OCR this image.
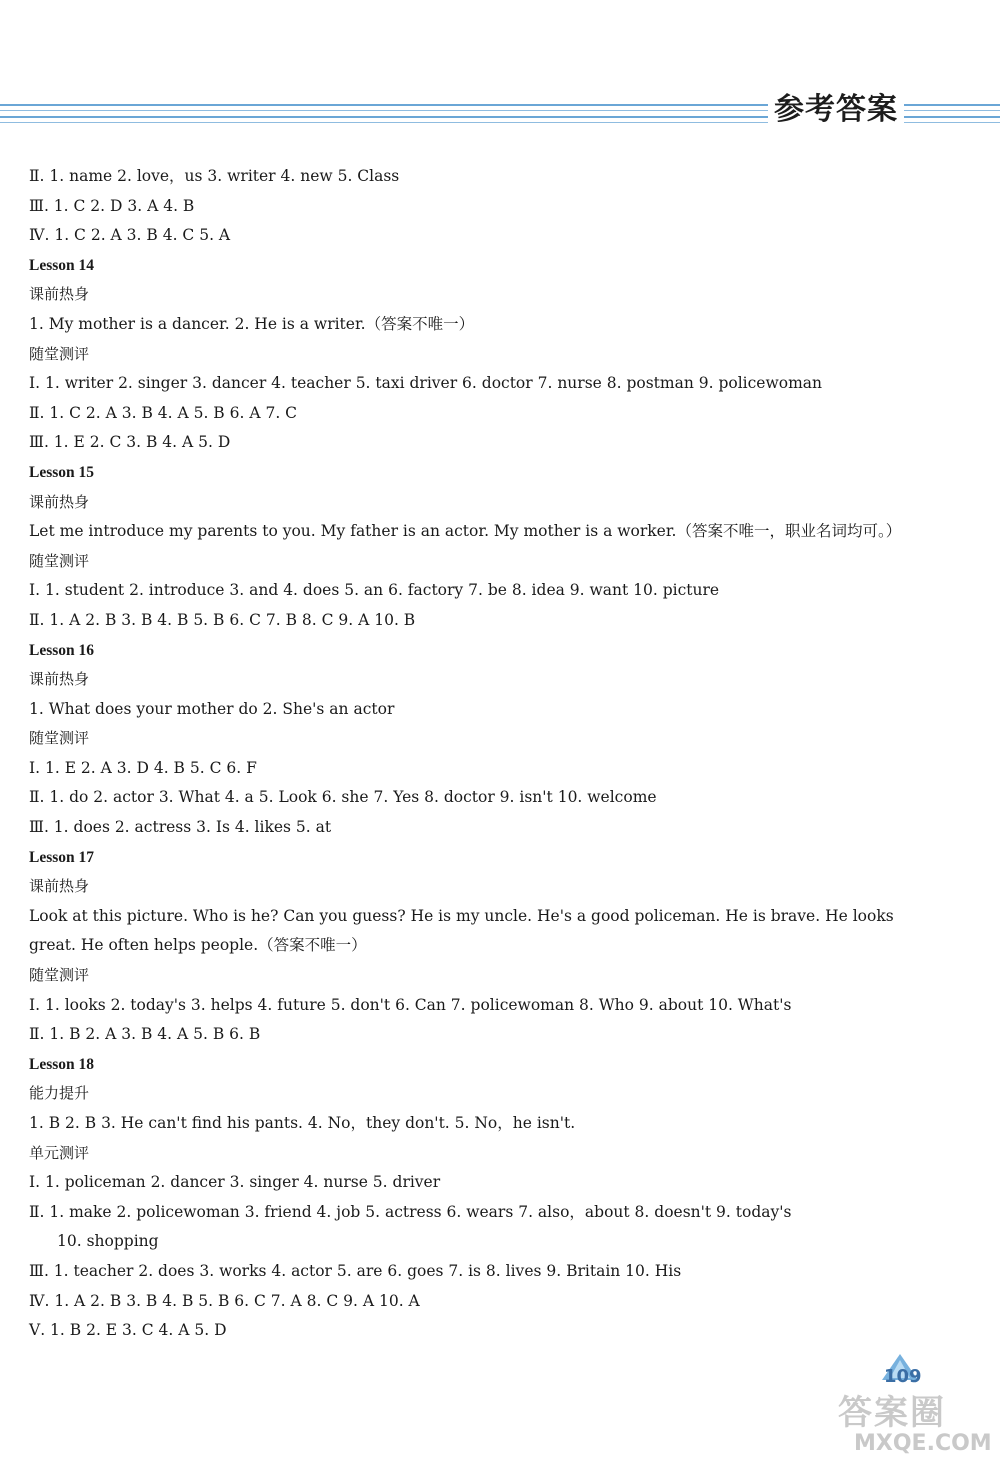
参考答案
Ⅱ. 1. name 2. love，us 3. writer 4. new 5. Class
Ⅲ. 1. C 2. D 3. A 4. B
Ⅳ. 1. C 2. A 3. B 4. C 5. A
Lesson 14
课前热身
1. My mother is a dancer. 2. He is a writer.（答案不唯一）
随堂测评
Ⅰ. 1. writer 2. singer 3. dancer 4. teacher 5. taxi driver 6. doctor 7. nurse 8. postman 9. policewoman
Ⅱ. 1. C 2. A 3. B 4. A 5. B 6. A 7. C
Ⅲ. 1. E 2. C 3. B 4. A 5. D
Lesson 15
课前热身
Let me introduce my parents to you. My father is an actor. My mother is a worker.（答案不唯一，职业名词均可。）
随堂测评
Ⅰ. 1. student 2. introduce 3. and 4. does 5. an 6. factory 7. be 8. idea 9. want 10. picture
Ⅱ. 1. A 2. B 3. B 4. B 5. B 6. C 7. B 8. C 9. A 10. B
Lesson 16
课前热身
1. What does your mother do 2. She's an actor
随堂测评
Ⅰ. 1. E 2. A 3. D 4. B 5. C 6. F
Ⅱ. 1. do 2. actor 3. What 4. a 5. Look 6. she 7. Yes 8. doctor 9. isn't 10. welcome
Ⅲ. 1. does 2. actress 3. Is 4. likes 5. at
Lesson 17
课前热身
Look at this picture. Who is he? Can you guess? He is my uncle. He's a good policeman. He is brave. He looks
great. He often helps people.（答案不唯一）
随堂测评
Ⅰ. 1. looks 2. today's 3. helps 4. future 5. don't 6. Can 7. policewoman 8. Who 9. about 10. What's
Ⅱ. 1. B 2. A 3. B 4. A 5. B 6. B
Lesson 18
能力提升
1. B 2. B 3. He can't find his pants. 4. No，they don't. 5. No，he isn't.
单元测评
Ⅰ. 1. policeman 2. dancer 3. singer 4. nurse 5. driver
Ⅱ. 1. make 2. policewoman 3. friend 4. job 5. actress 6. wears 7. also，about 8. doesn't 9. today's
10. shopping
Ⅲ. 1. teacher 2. does 3. works 4. actor 5. are 6. goes 7. is 8. lives 9. Britain 10. His
Ⅳ. 1. A 2. B 3. B 4. B 5. B 6. C 7. A 8. C 9. A 10. A
Ⅴ. 1. B 2. E 3. C 4. A 5. D
109
答案圈
MXQE.COM
